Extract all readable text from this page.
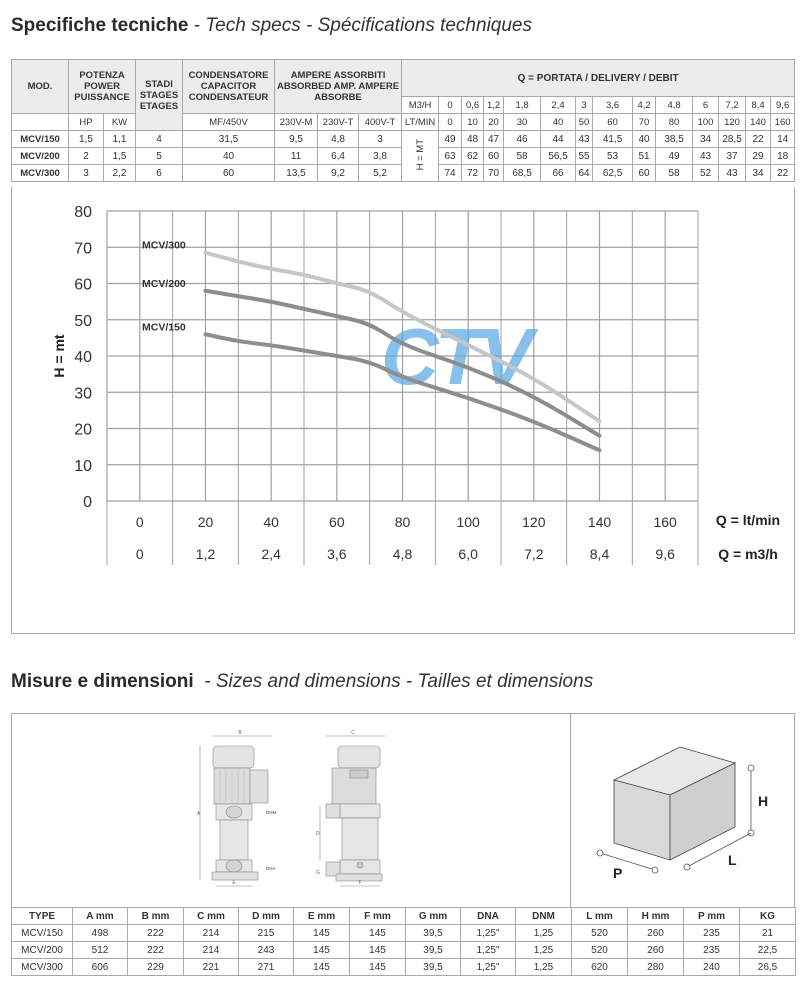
Specifiche tecniche - Tech specs - Spécifications techniques
MOD.	POTENZA POWER PUISSANCE		STADI STAGES ETAGES	CONDENSATORE CAPACITOR CONDENSATEUR	AMPERE ASSORBITI ABSORBED AMP. AMPERE ABSORBE			Q = PORTATA / DELIVERY / DEBIT													
								M3/H	0	0,6	1,2	1,8	2,4	3	3,6	4,2	4,8	6	7,2	8,4	9,6
	HP	KW		MF/450V	230V-M	230V-T	400V-T	LT/MIN	0	10	20	30	40	50	60	70	80	100	120	140	160
MCV/150	1,5	1,1	4	31,5	9,5	4,8	3	H = MT	49	48	47	46	44	43	41,5	40	38,5	34	28,5	22	14
MCV/200	2	1,5	5	40	11	6,4	3,8		63	62	60	58	56,5	55	53	51	49	43	37	29	18
MCV/300	3	2,2	6	60	13,5	9,2	5,2		74	72	70	68,5	66	64	62,5	60	58	52	43	34	22
0
10
20
30
40
50
60
70
80
H = mt
0
0
20
1,2
40
2,4
60
3,6
80
4,8
100
6,0
120
7,2
140
8,4
160
9,6
Q = lt/min
Q = m3/h
CTV
MCV/300
MCV/200
MCV/150
Misure e dimensioni  - Sizes and dimensions - Tailles et dimensions
B
A
E
DNM
DNA
C
D
G
F
H
L
P
TYPE	A mm	B mm	C mm	D mm	E mm	F mm	G mm	DNA	DNM	L mm	H mm	P mm	KG
MCV/150	498	222	214	215	145	145	39,5	1,25"	1,25	520	260	235	21
MCV/200	512	222	214	243	145	145	39,5	1,25"	1,25	520	260	235	22,5
MCV/300	606	229	221	271	145	145	39,5	1,25"	1,25	620	280	240	26,5
